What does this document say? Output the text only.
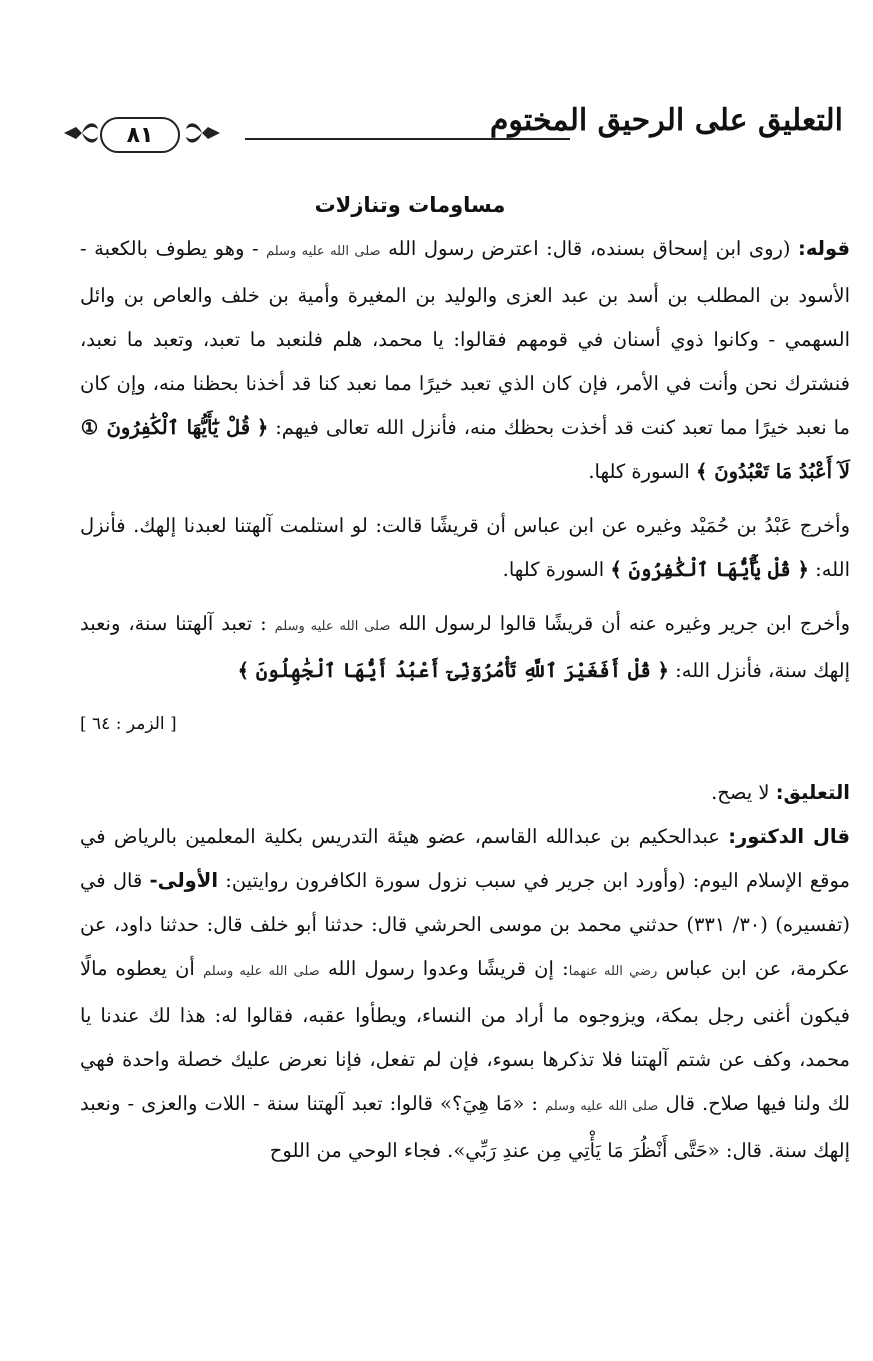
التعليق على الرحيق المختوم
٨١
مساومات وتنازلات

قوله: (روى ابن إسحاق بسنده، قال: اعترض رسول الله صلى الله عليه وسلم - وهو يطوف بالكعبة - الأسود بن المطلب بن أسد بن عبد العزى والوليد بن المغيرة وأمية بن خلف والعاص بن وائل السهمي - وكانوا ذوي أسنان في قومهم فقالوا: يا محمد، هلم فلنعبد ما تعبد، وتعبد ما نعبد، فنشترك نحن وأنت في الأمر، فإن كان الذي تعبد خيرًا مما نعبد كنا قد أخذنا بحظنا منه، وإن كان ما نعبد خيرًا مما تعبد كنت قد أخذت بحظك منه، فأنزل الله تعالى فيهم: ﴿ قُلْ يَٰٓأَيُّهَا ٱلْكَٰفِرُونَ ① لَآ أَعْبُدُ مَا تَعْبُدُونَ ﴾ السورة كلها.

وأخرج عَبْدُ بن حُمَيْد وغيره عن ابن عباس أن قريشًا قالت: لو استلمت آلهتنا لعبدنا إلهك. فأنزل الله: ﴿ قُلْ يَٰٓأَيُّهَا ٱلْكَٰفِرُونَ ﴾ السورة كلها.

وأخرج ابن جرير وغيره عنه أن قريشًا قالوا لرسول الله صلى الله عليه وسلم : تعبد آلهتنا سنة، ونعبد إلهك سنة، فأنزل الله: ﴿ قُلْ أَفَغَيْرَ ٱللَّهِ تَأْمُرُوٓنِّىٓ أَعْبُدُ أَيُّهَا ٱلْجَٰهِلُونَ ﴾

[ الزمر : ٦٤ ]

التعليق: لا يصح.

قال الدكتور: عبدالحكيم بن عبدالله القاسم، عضو هيئة التدريس بكلية المعلمين بالرياض في موقع الإسلام اليوم: (وأورد ابن جرير في سبب نزول سورة الكافرون روايتين: الأولى- قال في (تفسيره) (٣٠/ ٣٣١) حدثني محمد بن موسى الحرشي قال: حدثنا أبو خلف قال: حدثنا داود، عن عكرمة، عن ابن عباس رضي الله عنهما: إن قريشًا وعدوا رسول الله صلى الله عليه وسلم أن يعطوه مالًا فيكون أغنى رجل بمكة، ويزوجوه ما أراد من النساء، ويطأوا عقبه، فقالوا له: هذا لك عندنا يا محمد، وكف عن شتم آلهتنا فلا تذكرها بسوء، فإن لم تفعل، فإنا نعرض عليك خصلة واحدة فهي لك ولنا فيها صلاح. قال صلى الله عليه وسلم : «مَا هِيَ؟» قالوا: تعبد آلهتنا سنة - اللات والعزى - ونعبد إلهك سنة. قال: «حَتَّى أَنْظُرَ مَا يَأْتِي مِن عندِ رَبِّي». فجاء الوحي من اللوح
